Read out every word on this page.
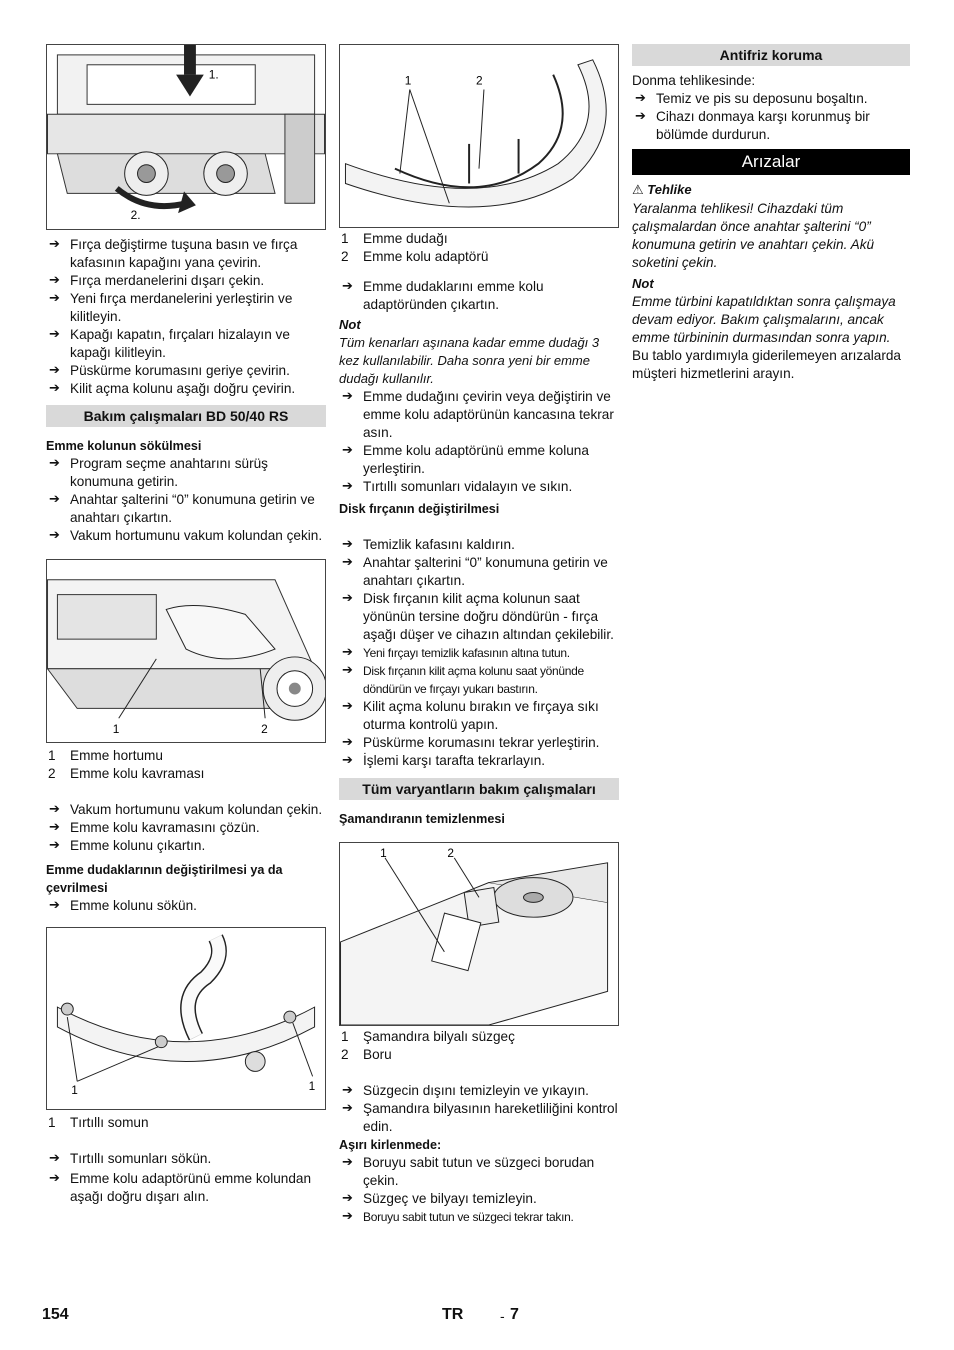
1.
2.

➔ Fırça değiştirme tuşuna basın ve fırça kafasının kapağını yana çevirin.

➔ Fırça merdanelerini dışarı çekin.

➔ Yeni fırça merdanelerini yerleştirin ve kilitleyin.

➔ Kapağı kapatın, fırçaları hizalayın ve kapağı kilitleyin.

➔ Püskürme korumasını geriye çevirin.

➔ Kilit açma kolunu aşağı doğru çevirin.

Bakım çalışmaları BD 50/40 RS

Emme kolunun sökülmesi

➔ Program seçme anahtarını sürüş konumuna getirin.

➔ Anahtar şalterini “0” konumuna getirin ve anahtarı çıkartın.

➔ Vakum hortumunu vakum kolundan çekin.

1	2
1	Emme hortumu
2	Emme kolu kavraması

➔ Vakum hortumunu vakum kolundan çekin.

➔ Emme kolu kavramasını çözün.

➔ Emme kolunu çıkartın.

Emme dudaklarının değiştirilmesi ya da çevrilmesi

➔ Emme kolunu sökün.

1	1
1	Tırtıllı somun

➔ Tırtıllı somunları sökün.

➔ Emme kolu adaptörünü emme kolundan aşağı doğru dışarı alın.

1	2
1	Emme dudağı
2	Emme kolu adaptörü

➔ Emme dudaklarını emme kolu adaptöründen çıkartın.

Not

Tüm kenarları aşınana kadar emme dudağı 3 kez kullanılabilir. Daha sonra yeni bir emme dudağı kullanılır.

➔ Emme dudağını çevirin veya değiştirin ve emme kolu adaptörünün kancasına tekrar asın.

➔ Emme kolu adaptörünü emme koluna yerleştirin.

➔ Tırtıllı somunları vidalayın ve sıkın.

Disk fırçanın değiştirilmesi

➔ Temizlik kafasını kaldırın.

➔ Anahtar şalterini “0” konumuna getirin ve anahtarı çıkartın.

➔ Disk fırçanın kilit açma kolunun saat yönünün tersine doğru döndürün - fırça aşağı düşer ve cihazın altından çekilebilir.

➔ Yeni fırçayı temizlik kafasının altına tutun.

➔ Disk fırçanın kilit açma kolunu saat yönünde döndürün ve fırçayı yukarı bastırın.

➔ Kilit açma kolunu bırakın ve fırçaya sıkı oturma kontrolü yapın.

➔ Püskürme korumasını tekrar yerleştirin.

➔ İşlemi karşı tarafta tekrarlayın.

Tüm varyantların bakım çalışmaları

Şamandıranın temizlenmesi

1	2
1	Şamandıra bilyalı süzgeç
2	Boru

➔ Süzgecin dışını temizleyin ve yıkayın.

➔ Şamandıra bilyasının hareketliliğini kontrol edin.

Aşırı kirlenmede:

➔ Boruyu sabit tutun ve süzgeci borudan çekin.

➔ Süzgeç ve bilyayı temizleyin.

➔ Boruyu sabit tutun ve süzgeci tekrar takın.

Antifriz koruma

Donma tehlikesinde:

➔ Temiz ve pis su deposunu boşaltın.

➔ Cihazı donmaya karşı korunmuş bir bölümde durdurun.

Arızalar

⚠ Tehlike

Yaralanma tehlikesi! Cihazdaki tüm çalışmalardan önce anahtar şalterini “0” konumuna getirin ve anahtarı çekin. Akü soketini çekin.

Not

Emme türbini kapatıldıktan sonra çalışmaya devam ediyor. Bakım çalışmalarını, ancak emme türbininin durmasından sonra yapın.

Bu tablo yardımıyla giderilemeyen arızalarda müşteri hizmetlerini arayın.

154	TR	- 7
